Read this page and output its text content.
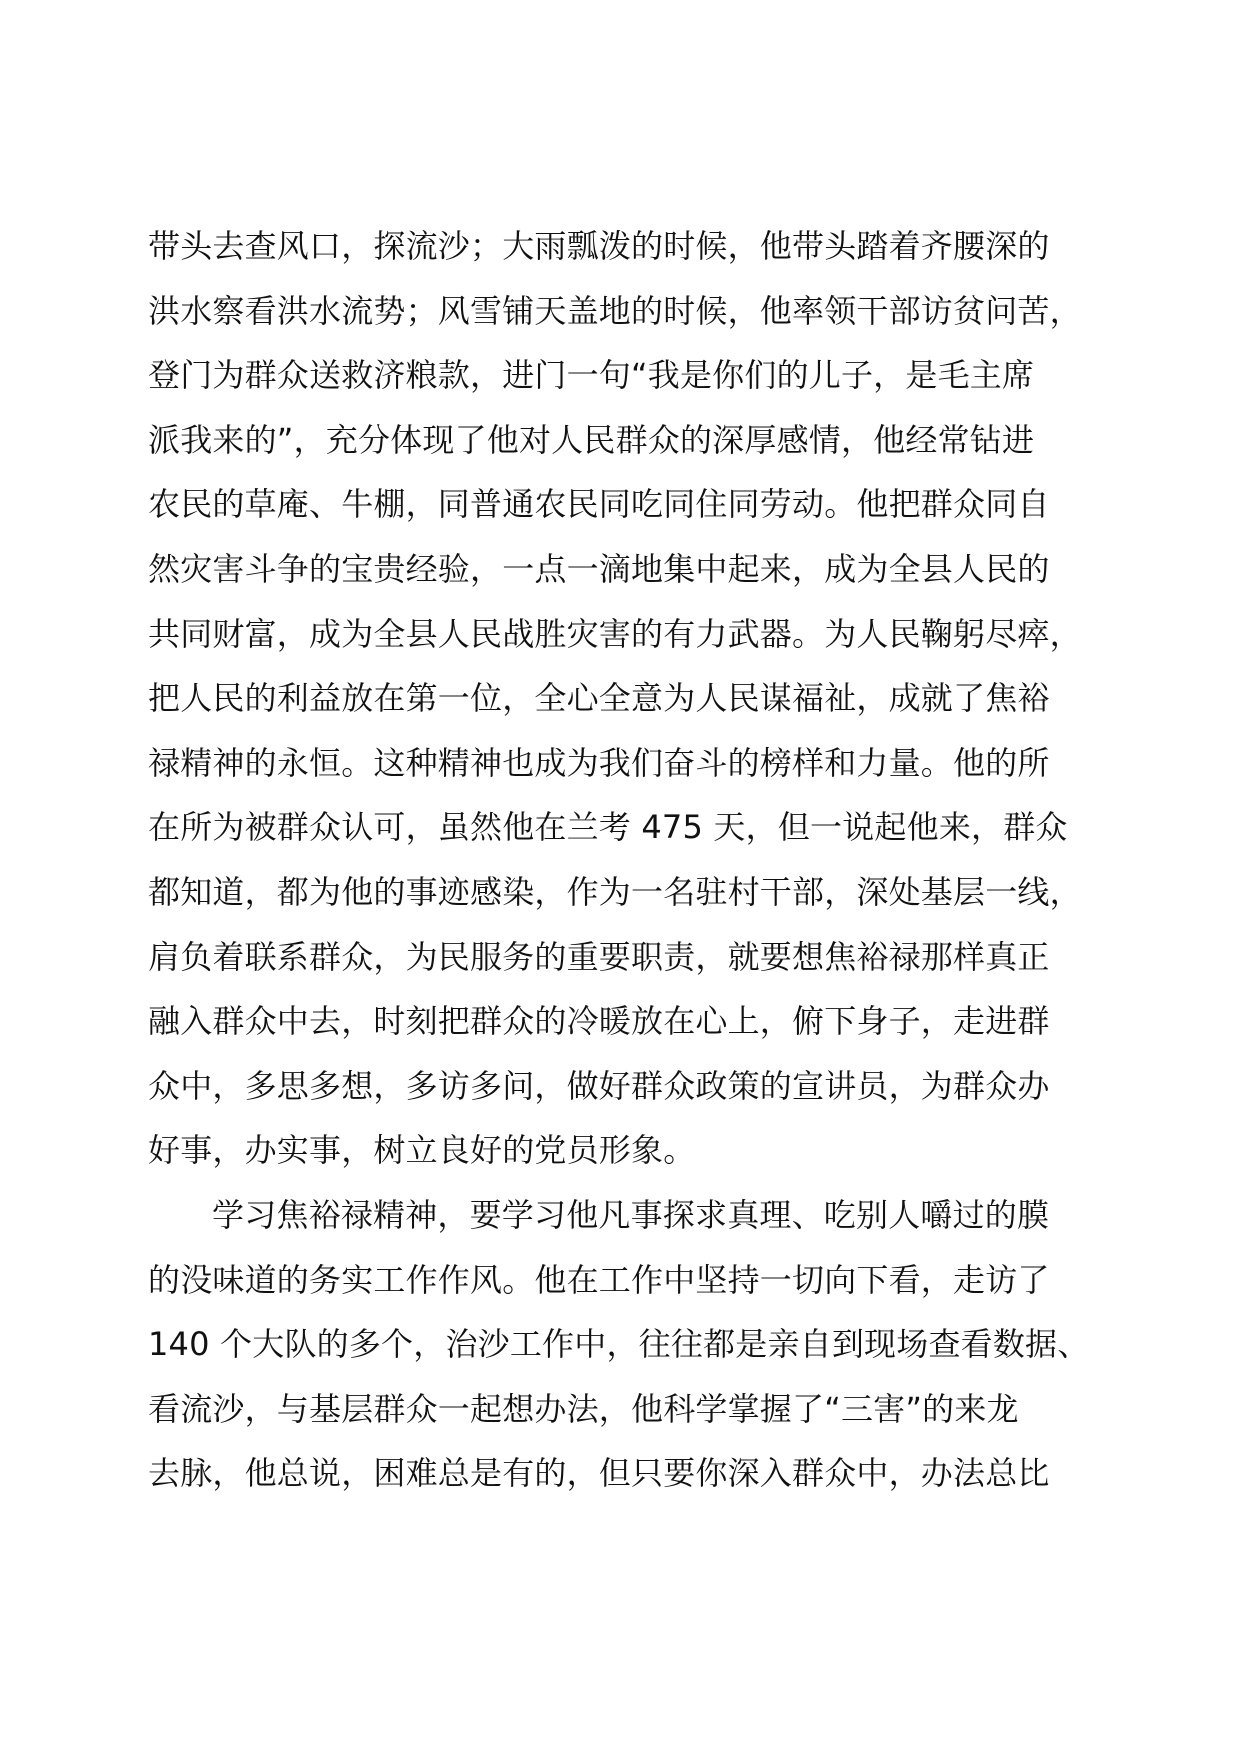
带头去查风口，探流沙；大雨瓢泼的时候，他带头踏着齐腰深的
洪水察看洪水流势；风雪铺天盖地的时候，他率领干部访贫问苦，
登门为群众送救济粮款，进门一句“我是你们的儿子，是毛主席
派我来的”，充分体现了他对人民群众的深厚感情，他经常钻进
农民的草庵、牛棚，同普通农民同吃同住同劳动。他把群众同自
然灾害斗争的宝贵经验，一点一滴地集中起来，成为全县人民的
共同财富，成为全县人民战胜灾害的有力武器。为人民鞠躬尽瘁，
把人民的利益放在第一位，全心全意为人民谋福祉，成就了焦裕
禄精神的永恒。这种精神也成为我们奋斗的榜样和力量。他的所
在所为被群众认可，虽然他在兰考 475 天，但一说起他来，群众
都知道，都为他的事迹感染，作为一名驻村干部，深处基层一线，
肩负着联系群众，为民服务的重要职责，就要想焦裕禄那样真正
融入群众中去，时刻把群众的冷暖放在心上，俯下身子，走进群
众中，多思多想，多访多问，做好群众政策的宣讲员，为群众办
好事，办实事，树立良好的党员形象。
学习焦裕禄精神，要学习他凡事探求真理、吃别人嚼过的膜
的没味道的务实工作作风。他在工作中坚持一切向下看，走访了
140 个大队的多个，治沙工作中，往往都是亲自到现场查看数据、
看流沙，与基层群众一起想办法，他科学掌握了“三害”的来龙
去脉，他总说，困难总是有的，但只要你深入群众中，办法总比
